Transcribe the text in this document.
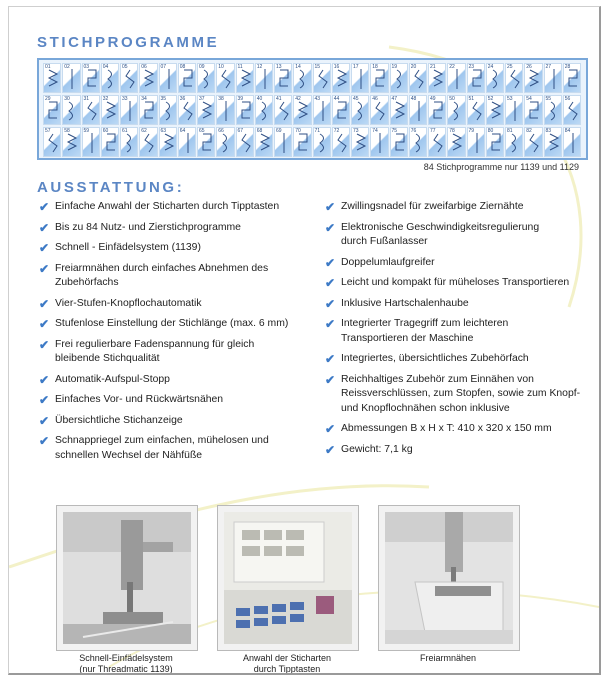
STICHPROGRAMME
01	02	03	04	05	06	07	08	09	10	11	12	13	14	15	16	17	18	19	20	21	22	23	24	25	26	27	28
29	30	31	32	33	34	35	36	37	38	39	40	41	42	43	44	45	46	47	48	49	50	51	52	53	54	55	56
57	58	59	60	61	62	63	64	65	66	67	68	69	70	71	72	73	74	75	76	77	78	79	80	81	82	83	84
84 Stichprogramme nur 1139 und 1129
AUSSTATTUNG:
✔ Einfache Anwahl der Sticharten durch Tipptasten
✔ Bis zu 84 Nutz- und Zierstichprogramme
✔ Schnell - Einfädelsystem (1139)
✔ Freiarmnähen durch einfaches Abnehmen des
Zubehörfachs
✔ Vier-Stufen-Knopflochautomatik
✔ Stufenlose Einstellung der Stichlänge (max. 6 mm)
✔ Frei regulierbare Fadenspannung für gleich
bleibende Stichqualität
✔ Automatik-Aufspul-Stopp
✔ Einfaches Vor- und Rückwärtsnähen
✔ Übersichtliche Stichanzeige
✔ Schnappriegel zum einfachen, mühelosen und
schnellen Wechsel der Nähfüße
✔ Zwillingsnadel für zweifarbige Ziernähte
✔ Elektronische Geschwindigkeitsregulierung
durch Fußanlasser
✔ Doppelumlaufgreifer
✔ Leicht und kompakt für müheloses Transportieren
✔ Inklusive Hartschalenhaube
✔ Integrierter Tragegriff zum leichteren
Transportieren der Maschine
✔ Integriertes, übersichtliches Zubehörfach
✔ Reichhaltiges Zubehör zum Einnähen von
Reissverschlüssen, zum Stopfen, sowie zum Knopf-
und Knopflochnähen schon inklusive
✔ Abmessungen B x H x T: 410 x 320 x 150 mm
✔ Gewicht: 7,1 kg
Schnell-Einfädelsystem
(nur Threadmatic 1139)
Anwahl der Sticharten
durch Tipptasten
Freiarmnähen
